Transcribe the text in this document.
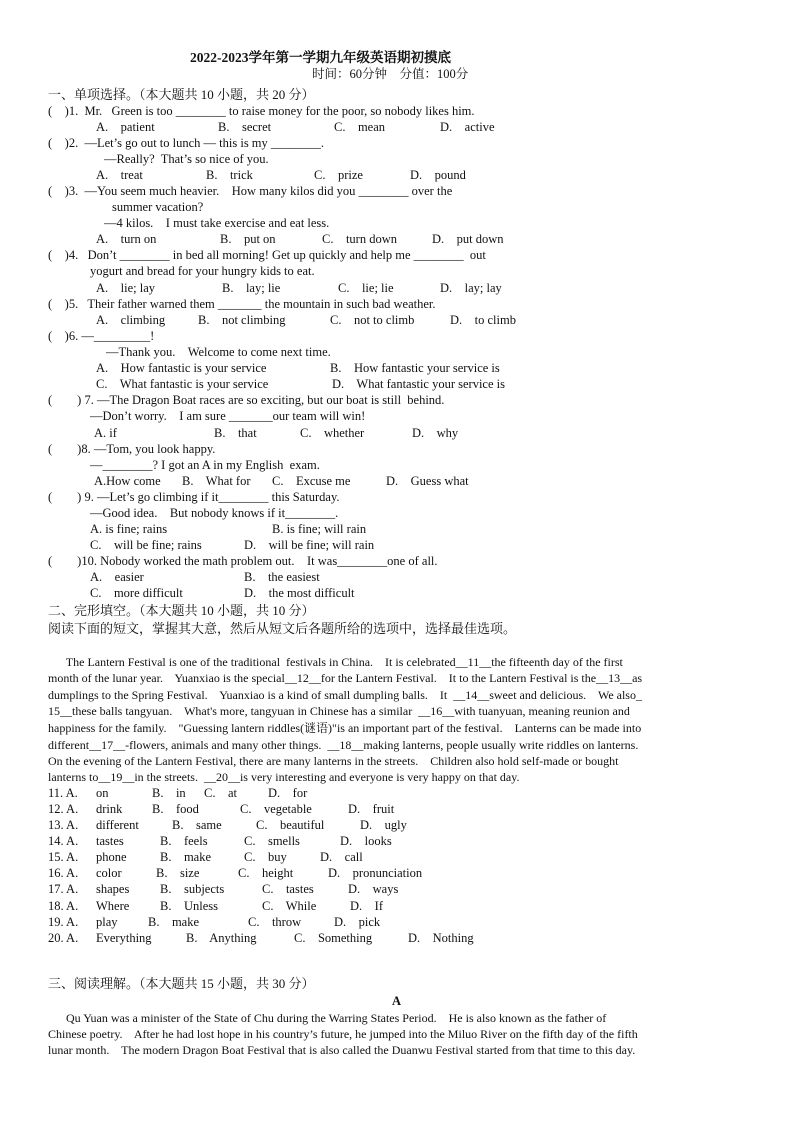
2022-2023学年第一学期九年级英语期初摸底
时间：60分钟　分值：100分
一、单项选择。（本大题共 10 小题，共 20 分）
(　)1.  Mr.   Green is too ________ to raise money for the poor, so nobody likes him.
A.    patient	B.    secret	C.    mean	D.    active
(　)2.  —Let’s go out to lunch — this is my ________.
—Really?  That’s so nice of you.
A.    treat	B.    trick	C.    prize	D.    pound
(　)3.  —You seem much heavier.    How many kilos did you ________ over the
summer vacation?
—4 kilos.    I must take exercise and eat less.
A.    turn on	B.    put on	C.    turn down	D.    put down
(　)4.   Don’t ________ in bed all morning! Get up quickly and help me ________  out
yogurt and bread for your hungry kids to eat.
A.    lie; lay	B.    lay; lie	C.    lie; lie	D.    lay; lay
(　)5.   Their father warned them _______ the mountain in such bad weather.
A.    climbing	B.    not climbing	C.    not to climb	D.    to climb
(　)6. —_________!
—Thank you.    Welcome to come next time.
A.    How fantastic is your service	B.    How fantastic your service is
C.    What fantastic is your service	D.    What fantastic your service is
(　　) 7. —The Dragon Boat races are so exciting, but our boat is still  behind.
—Don’t worry.    I am sure _______our team will win!
A. if	B.    that	C.    whether	D.    why
(　　)8. —Tom, you look happy.
—________? I got an A in my English  exam.
A.How come B.    What for C.    Excuse me	D.    Guess what
(　　) 9. —Let’s go climbing if it________ this Saturday.
—Good idea.    But nobody knows if it________.
A. is fine; rains	B. is fine; will rain
C.    will be fine; rains	D.    will be fine; will rain
(　　)10. Nobody worked the math problem out.    It was________one of all.
A.    easier	B.    the easiest
C.    more difficult	D.    the most difficult
二、完形填空。（本大题共 10 小题，共 10 分）
阅读下面的短文，掌握其大意，然后从短文后各题所给的选项中，选择最佳选项。
The Lantern Festival is one of the traditional  festivals in China.    It is celebrated__11__the fifteenth day of the first
month of the lunar year.    Yuanxiao is the special__12__for the Lantern Festival.    It to the Lantern Festival is the__13__as
dumplings to the Spring Festival.    Yuanxiao is a kind of small dumpling balls.    It  __14__sweet and delicious.    We also_
15__these balls tangyuan.    What's more, tangyuan in Chinese has a similar  __16__with tuanyuan, meaning reunion and
happiness for the family.    "Guessing lantern riddles(谜语)"is an important part of the festival.    Lanterns can be made into
different__17__-flowers, animals and many other things.  __18__making lanterns, people usually write riddles on lanterns.
On the evening of the Lantern Festival, there are many lanterns in the streets.    Children also hold self-made or bought
lanterns to__19__in the streets.  __20__is very interesting and everyone is very happy on that day.
11. A. on	B.    in C.    at D.    for
12. A. drink B.    food	C.    vegetable	D.    fruit
13. A. different	B.    same	C.    beautiful	D.    ugly
14. A. tastes	B.    feels	C.    smells	D.    looks
15. A. phone	B.    make	C.    buy	D.    call
16. A. color	B.    size	C.    height	D.    pronunciation
17. A. shapes B.    subjects	C.    tastes	D.    ways
18. A. Where B.    Unless	C.    While	D.    If
19. A. play B.    make	C.    throw	D.    pick
20. A. Everything	B.    Anything	C.    Something	D.    Nothing
三、阅读理解。（本大题共 15 小题，共 30 分）
A
Qu Yuan was a minister of the State of Chu during the Warring States Period.    He is also known as the father of
Chinese poetry.    After he had lost hope in his country’s future, he jumped into the Miluo River on the fifth day of the fifth
lunar month.    The modern Dragon Boat Festival that is also called the Duanwu Festival started from that time to this day.
